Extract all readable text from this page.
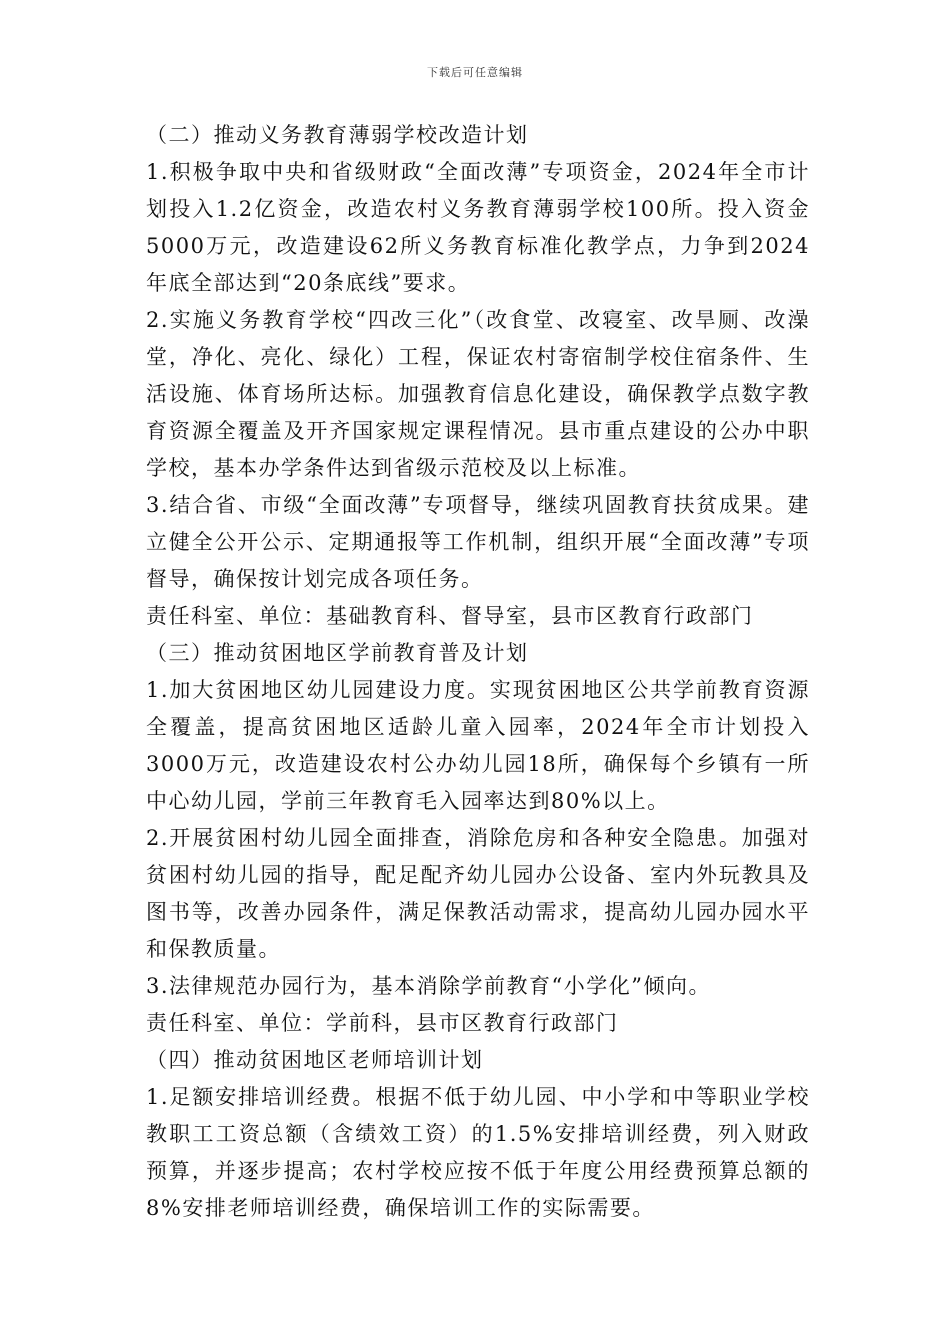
下载后可任意编辑

（二）推动义务教育薄弱学校改造计划

1.积极争取中央和省级财政“全面改薄”专项资金，2024年全市计划投入1.2亿资金，改造农村义务教育薄弱学校100所。投入资金5000万元，改造建设62所义务教育标准化教学点，力争到2024年底全部达到“20条底线”要求。

2.实施义务教育学校“四改三化”（改食堂、改寝室、改旱厕、改澡堂，净化、亮化、绿化）工程，保证农村寄宿制学校住宿条件、生活设施、体育场所达标。加强教育信息化建设，确保教学点数字教育资源全覆盖及开齐国家规定课程情况。县市重点建设的公办中职学校，基本办学条件达到省级示范校及以上标准。

3.结合省、市级“全面改薄”专项督导，继续巩固教育扶贫成果。建立健全公开公示、定期通报等工作机制，组织开展“全面改薄”专项督导，确保按计划完成各项任务。

责任科室、单位：基础教育科、督导室，县市区教育行政部门

（三）推动贫困地区学前教育普及计划

1.加大贫困地区幼儿园建设力度。实现贫困地区公共学前教育资源全覆盖，提高贫困地区适龄儿童入园率，2024年全市计划投入3000万元，改造建设农村公办幼儿园18所，确保每个乡镇有一所中心幼儿园，学前三年教育毛入园率达到80%以上。

2.开展贫困村幼儿园全面排查，消除危房和各种安全隐患。加强对贫困村幼儿园的指导，配足配齐幼儿园办公设备、室内外玩教具及图书等，改善办园条件，满足保教活动需求，提高幼儿园办园水平和保教质量。

3.法律规范办园行为，基本消除学前教育“小学化”倾向。

责任科室、单位：学前科，县市区教育行政部门

（四）推动贫困地区老师培训计划

1.足额安排培训经费。根据不低于幼儿园、中小学和中等职业学校教职工工资总额（含绩效工资）的1.5%安排培训经费，列入财政预算，并逐步提高；农村学校应按不低于年度公用经费预算总额的8%安排老师培训经费，确保培训工作的实际需要。
